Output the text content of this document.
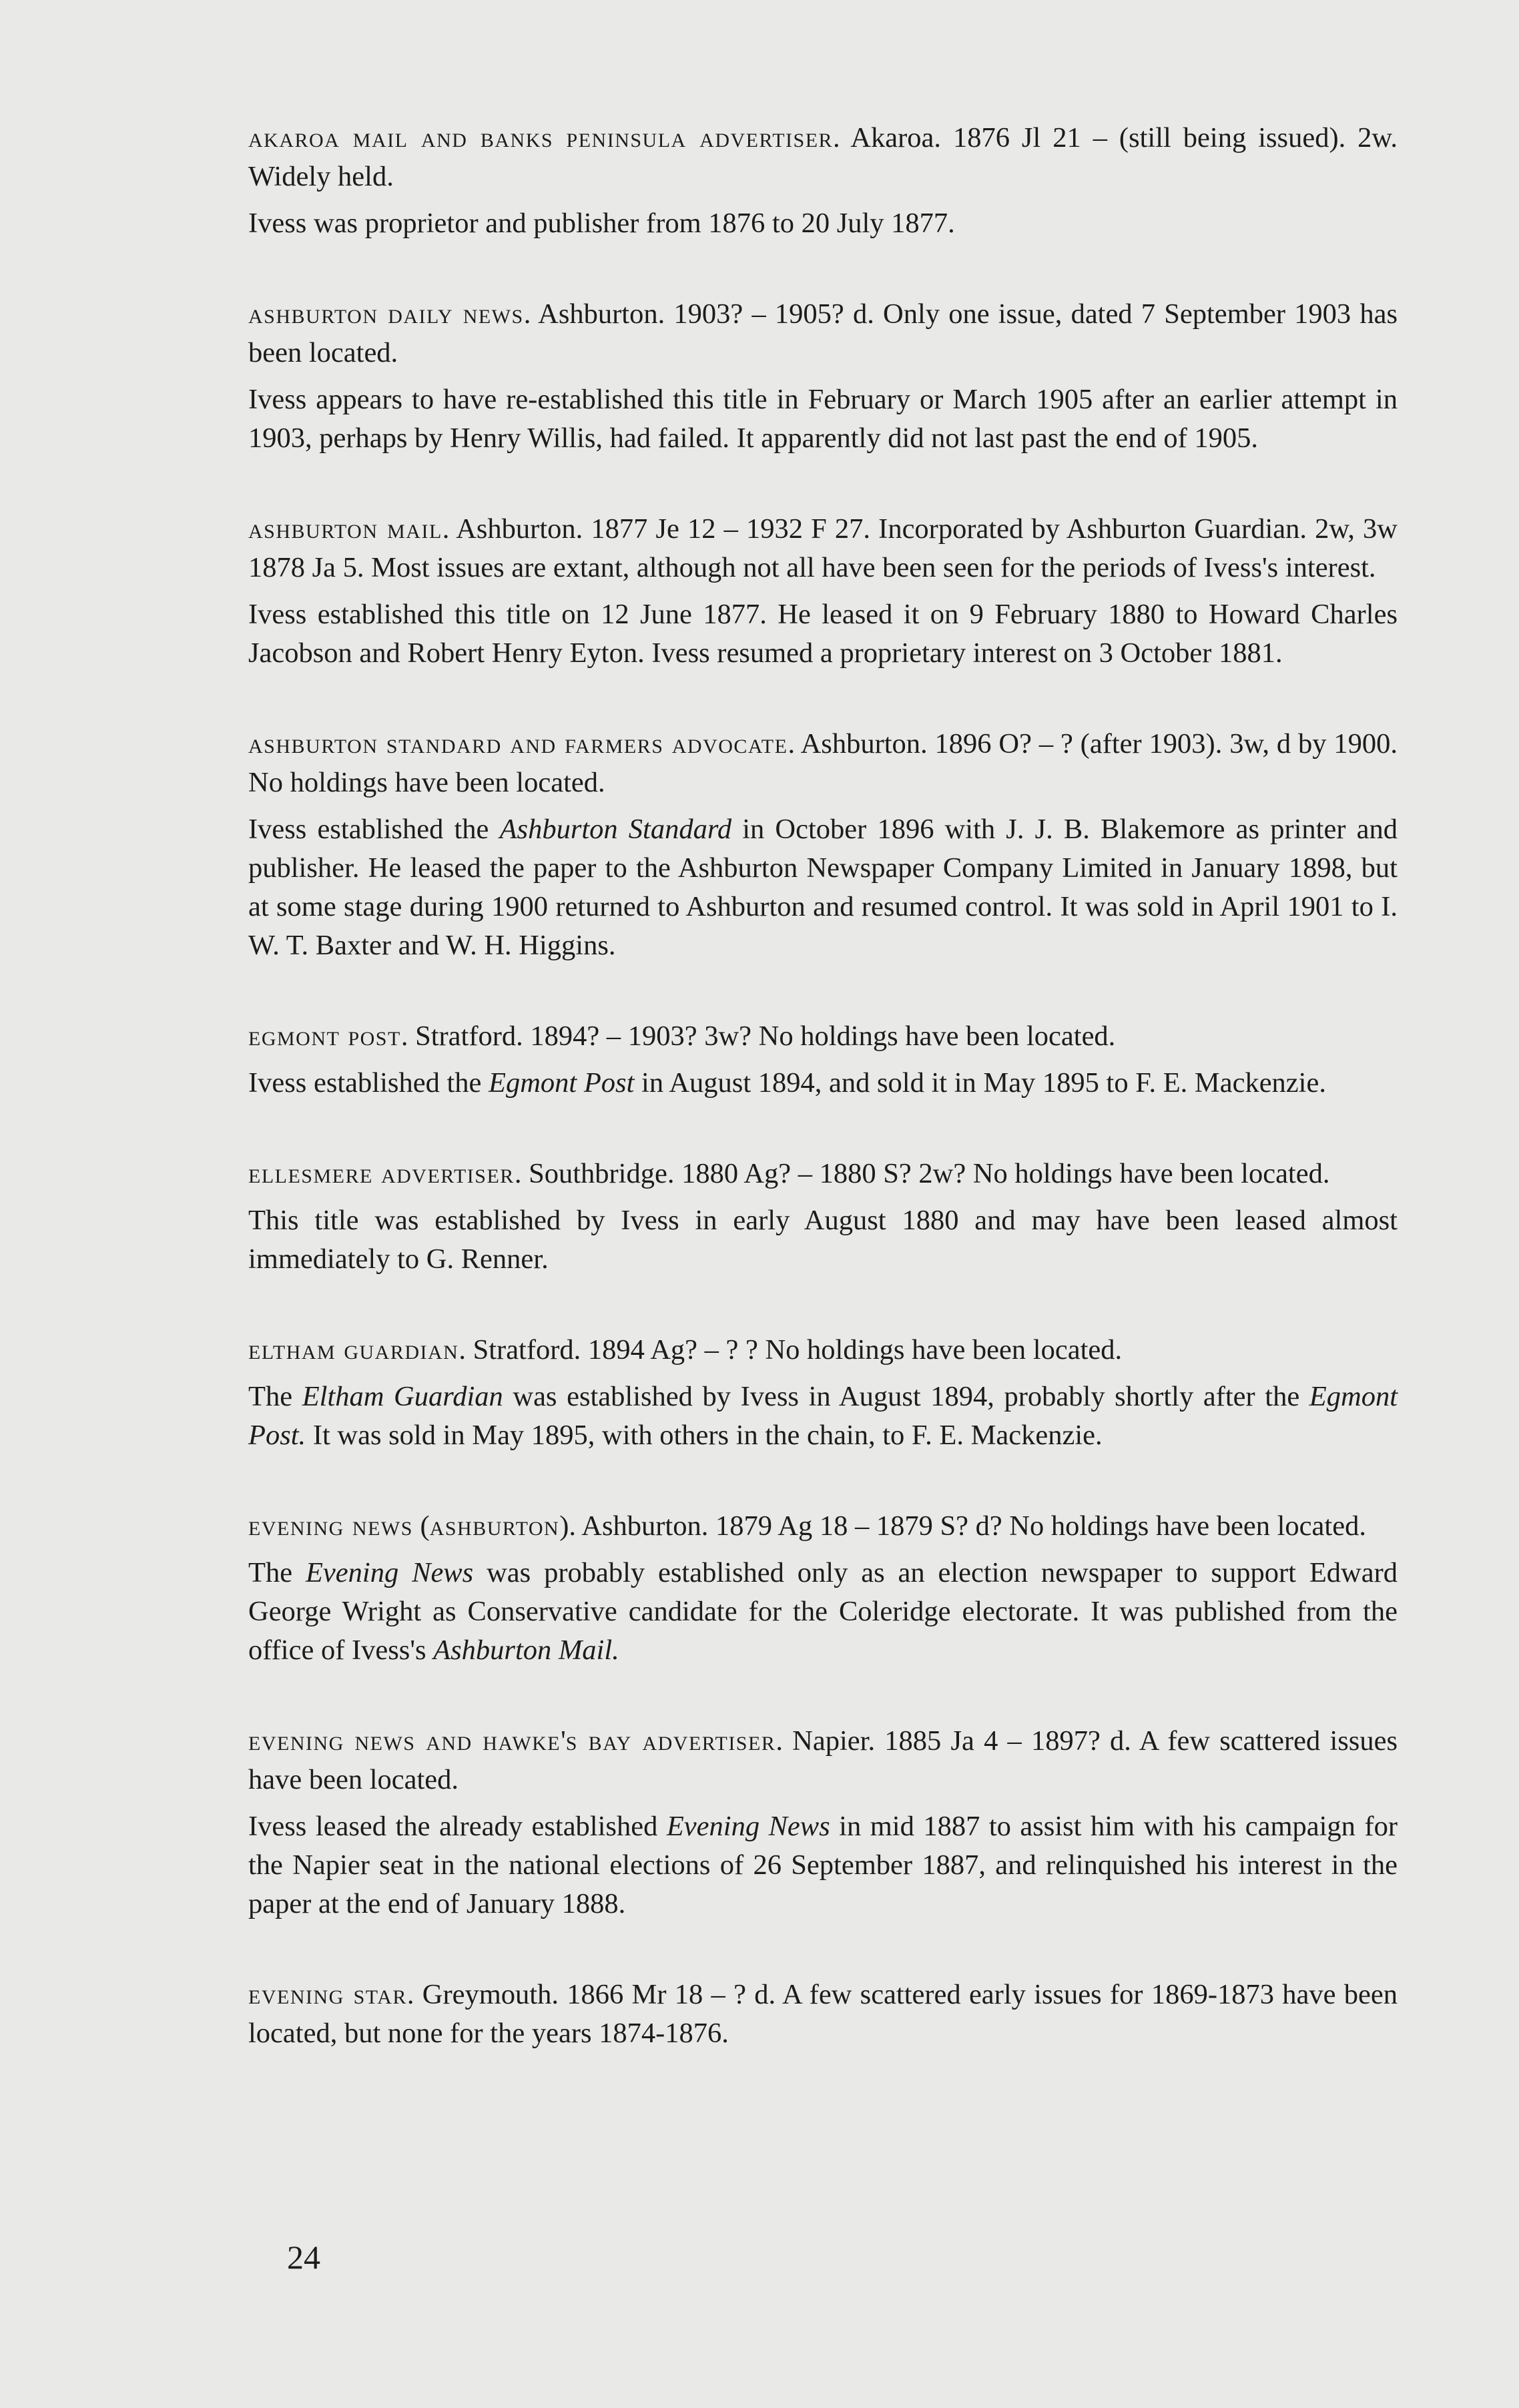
akaroa mail and banks peninsula advertiser. Akaroa. 1876 Jl 21 – (still being issued). 2w. Widely held.

Ivess was proprietor and publisher from 1876 to 20 July 1877.

ashburton daily news. Ashburton. 1903? – 1905? d. Only one issue, dated 7 September 1903 has been located.

Ivess appears to have re-established this title in February or March 1905 after an earlier attempt in 1903, perhaps by Henry Willis, had failed. It apparently did not last past the end of 1905.

ashburton mail. Ashburton. 1877 Je 12 – 1932 F 27. Incorporated by Ashburton Guardian. 2w, 3w 1878 Ja 5. Most issues are extant, although not all have been seen for the periods of Ivess's interest.

Ivess established this title on 12 June 1877. He leased it on 9 February 1880 to Howard Charles Jacobson and Robert Henry Eyton. Ivess resumed a proprietary interest on 3 October 1881.

ashburton standard and farmers advocate. Ashburton. 1896 O? – ? (after 1903). 3w, d by 1900. No holdings have been located.

Ivess established the Ashburton Standard in October 1896 with J. J. B. Blakemore as printer and publisher. He leased the paper to the Ashburton Newspaper Company Limited in January 1898, but at some stage during 1900 returned to Ashburton and resumed control. It was sold in April 1901 to I. W. T. Baxter and W. H. Higgins.

egmont post. Stratford. 1894? – 1903? 3w? No holdings have been located.

Ivess established the Egmont Post in August 1894, and sold it in May 1895 to F. E. Mackenzie.

ellesmere advertiser. Southbridge. 1880 Ag? – 1880 S? 2w? No holdings have been located.

This title was established by Ivess in early August 1880 and may have been leased almost immediately to G. Renner.

eltham guardian. Stratford. 1894 Ag? – ? ? No holdings have been located.

The Eltham Guardian was established by Ivess in August 1894, probably shortly after the Egmont Post. It was sold in May 1895, with others in the chain, to F. E. Mackenzie.

evening news (ashburton). Ashburton. 1879 Ag 18 – 1879 S? d? No holdings have been located.

The Evening News was probably established only as an election newspaper to support Edward George Wright as Conservative candidate for the Coleridge electorate. It was published from the office of Ivess's Ashburton Mail.

evening news and hawke's bay advertiser. Napier. 1885 Ja 4 – 1897? d. A few scattered issues have been located.

Ivess leased the already established Evening News in mid 1887 to assist him with his campaign for the Napier seat in the national elections of 26 September 1887, and relinquished his interest in the paper at the end of January 1888.

evening star. Greymouth. 1866 Mr 18 – ? d. A few scattered early issues for 1869-1873 have been located, but none for the years 1874-1876.

24
